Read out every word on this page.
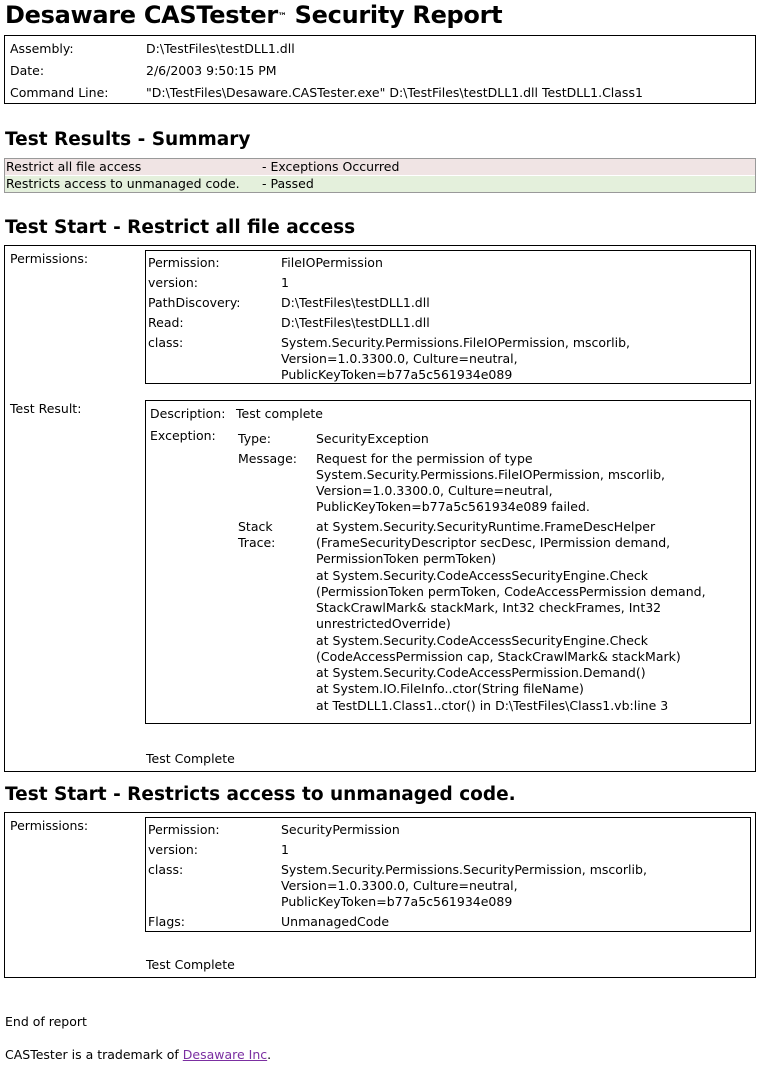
Desaware CASTester™ Security Report
Assembly:	D:\TestFiles\testDLL1.dll
Date:	2/6/2003 9:50:15 PM
Command Line:	"D:\TestFiles\Desaware.CASTester.exe" D:\TestFiles\testDLL1.dll TestDLL1.Class1
Test Results - Summary
Restrict all file access	- Exceptions Occurred
Restricts access to unmanaged code. - Passed
Test Start - Restrict all file access
Permissions:	Permission:	FileIOPermission
version:	1
PathDiscovery:	D:\TestFiles\testDLL1.dll
Read:	D:\TestFiles\testDLL1.dll
class:	System.Security.Permissions.FileIOPermission, mscorlib,
Version=1.0.3300.0, Culture=neutral,
PublicKeyToken=b77a5c561934e089
Test Result:	Description: Test complete
Exception: Type:	SecurityException
Message: Request for the permission of type
System.Security.Permissions.FileIOPermission, mscorlib,
Version=1.0.3300.0, Culture=neutral,
PublicKeyToken=b77a5c561934e089 failed.
Stack
Trace:
at System.Security.SecurityRuntime.FrameDescHelper
(FrameSecurityDescriptor secDesc, IPermission demand,
PermissionToken permToken)
at System.Security.CodeAccessSecurityEngine.Check
(PermissionToken permToken, CodeAccessPermission demand,
StackCrawlMark& stackMark, Int32 checkFrames, Int32
unrestrictedOverride)
at System.Security.CodeAccessSecurityEngine.Check
(CodeAccessPermission cap, StackCrawlMark& stackMark)
at System.Security.CodeAccessPermission.Demand()
at System.IO.FileInfo..ctor(String fileName)
at TestDLL1.Class1..ctor() in D:\TestFiles\Class1.vb:line 3
Test Complete
Test Start - Restricts access to unmanaged code.
Permissions:	Permission:	SecurityPermission
version:	1
class:	System.Security.Permissions.SecurityPermission, mscorlib,
Version=1.0.3300.0, Culture=neutral,
PublicKeyToken=b77a5c561934e089
Flags:	UnmanagedCode
Test Complete
End of report
CASTester is a trademark of Desaware Inc.
